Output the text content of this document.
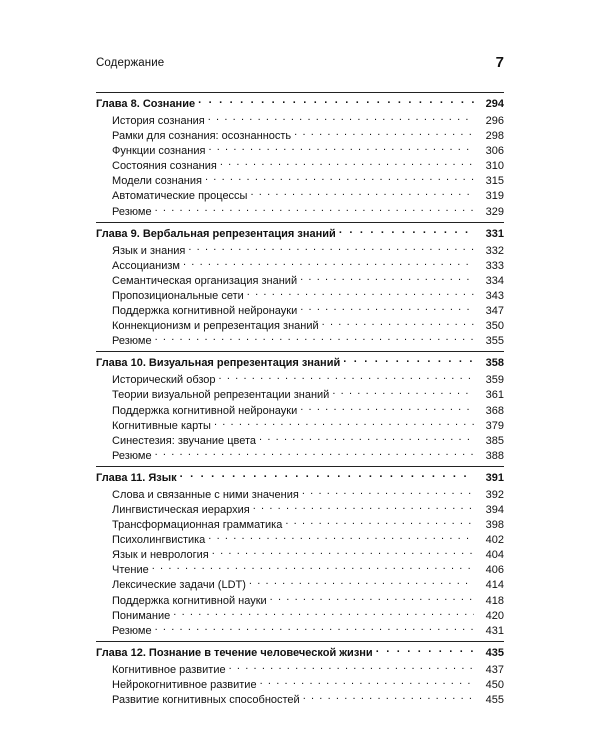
Содержание	7
Глава 8. Сознание . . .	294
История сознания . . .	296
Рамки для сознания: осознанность . . .	298
Функции сознания . . .	306
Состояния сознания . . .	310
Модели сознания . . .	315
Автоматические процессы . . .	319
Резюме . . .	329
Глава 9. Вербальная репрезентация знаний . . .	331
Язык и знания . . .	332
Ассоцианизм . . .	333
Семантическая организация знаний . . .	334
Пропозициональные сети . . .	343
Поддержка когнитивной нейронауки . . .	347
Коннекционизм и репрезентация знаний . . .	350
Резюме . . .	355
Глава 10. Визуальная репрезентация знаний . . .	358
Исторический обзор . . .	359
Теории визуальной репрезентации знаний . . .	361
Поддержка когнитивной нейронауки . . .	368
Когнитивные карты . . .	379
Синестезия: звучание цвета . . .	385
Резюме . . .	388
Глава 11. Язык . . .	391
Слова и связанные с ними значения . . .	392
Лингвистическая иерархия . . .	394
Трансформационная грамматика . . .	398
Психолингвистика . . .	402
Язык и неврология . . .	404
Чтение . . .	406
Лексические задачи (LDT) . . .	414
Поддержка когнитивной науки . . .	418
Понимание . . .	420
Резюме . . .	431
Глава 12. Познание в течение человеческой жизни . . .	435
Когнитивное развитие . . .	437
Нейрокогнитивное развитие . . .	450
Развитие когнитивных способностей . . .	455
